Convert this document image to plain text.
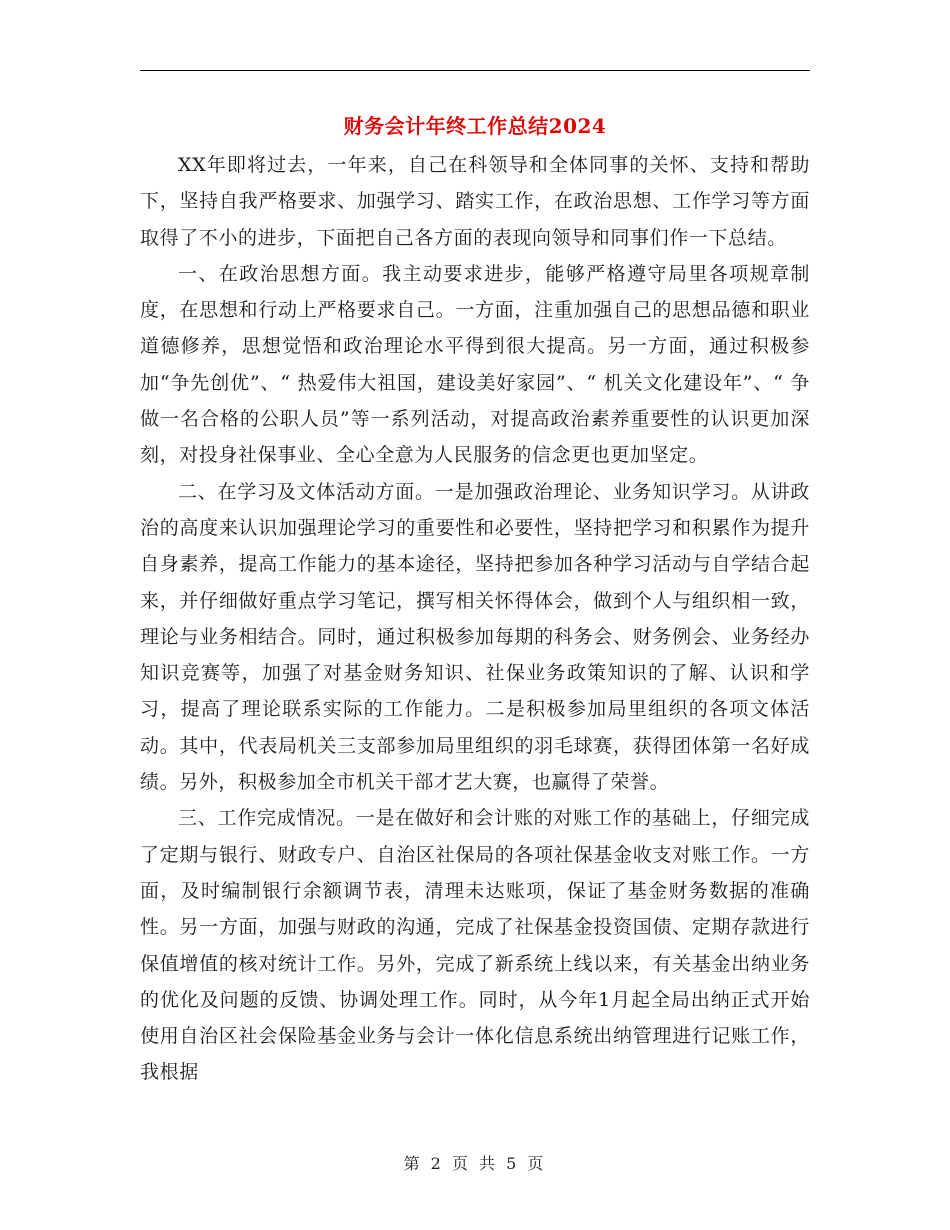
财务会计年终工作总结2024

XX年即将过去，一年来，自己在科领导和全体同事的关怀、支持和帮助下，坚持自我严格要求、加强学习、踏实工作，在政治思想、工作学习等方面取得了不小的进步，下面把自己各方面的表现向领导和同事们作一下总结。

一、在政治思想方面。我主动要求进步，能够严格遵守局里各项规章制度，在思想和行动上严格要求自己。一方面，注重加强自己的思想品德和职业道德修养，思想觉悟和政治理论水平得到很大提高。另一方面，通过积极参加“争先创优”、“ 热爱伟大祖国，建设美好家园”、“ 机关文化建设年”、“ 争做一名合格的公职人员”等一系列活动，对提高政治素养重要性的认识更加深刻，对投身社保事业、全心全意为人民服务的信念更也更加坚定。

二、在学习及文体活动方面。一是加强政治理论、业务知识学习。从讲政治的高度来认识加强理论学习的重要性和必要性，坚持把学习和积累作为提升自身素养，提高工作能力的基本途径，坚持把参加各种学习活动与自学结合起来，并仔细做好重点学习笔记，撰写相关怀得体会，做到个人与组织相一致，理论与业务相结合。同时，通过积极参加每期的科务会、财务例会、业务经办知识竞赛等，加强了对基金财务知识、社保业务政策知识的了解、认识和学习，提高了理论联系实际的工作能力。二是积极参加局里组织的各项文体活动。其中，代表局机关三支部参加局里组织的羽毛球赛，获得团体第一名好成绩。另外，积极参加全市机关干部才艺大赛，也赢得了荣誉。

三、工作完成情况。一是在做好和会计账的对账工作的基础上，仔细完成了定期与银行、财政专户、自治区社保局的各项社保基金收支对账工作。一方面，及时编制银行余额调节表，清理未达账项，保证了基金财务数据的准确性。另一方面，加强与财政的沟通，完成了社保基金投资国债、定期存款进行保值增值的核对统计工作。另外，完成了新系统上线以来，有关基金出纳业务的优化及问题的反馈、协调处理工作。同时，从今年1月起全局出纳正式开始使用自治区社会保险基金业务与会计一体化信息系统出纳管理进行记账工作，我根据

第 2 页 共 5 页
